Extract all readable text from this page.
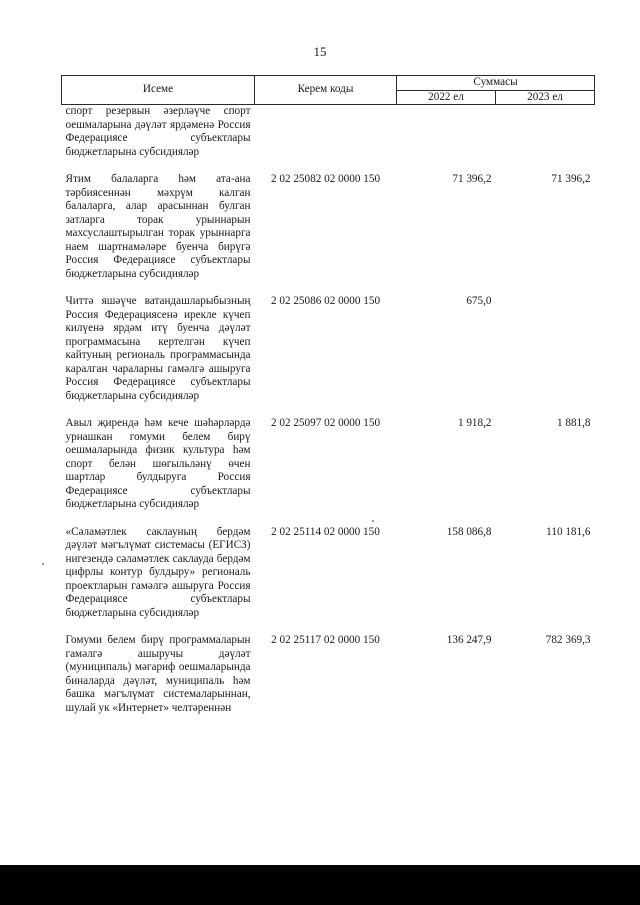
15
Исеме	Керем коды	Суммасы	
		2022 ел	2023 ел
спорт резервын әзерләүче спорт оешмаларына дәүләт ярдәменә Россия Федерациясе субъектлары бюджетларына субсидияләр			
Ятим балаларга һәм ата-ана тәрбиясеннән мәхрүм калган балаларга, алар арасыннан булган затларга торак урыннарын махсуслаштырылган торак урыннарга наем шартнамәләре буенча бирүгә Россия Федерациясе субъектлары бюджетларына субсидияләр	2 02 25082 02 0000 150	71 396,2	71 396,2
Читтә яшәүче ватандашларыбызның Россия Федерациясенә ирекле күчеп килүенә ярдәм итү буенча дәүләт программасына кертелгән күчеп кайтуның региональ программасында каралган чараларны гамәлгә ашыруга Россия Федерациясе субъектлары бюджетларына субсидияләр	2 02 25086 02 0000 150	675,0	
Авыл җирендә һәм кече шәһәрләрдә урнашкан гомуми белем бирү оешмаларында физик культура һәм спорт белән шөгыльләнү өчен шартлар булдыруга Россия Федерациясе субъектлары бюджетларына субсидияләр	2 02 25097 02 0000 150	1 918,2	1 881,8
«Сәламәтлек саклауның бердәм дәүләт мәгълүмат системасы (ЕГИСЗ) нигезендә сәламәтлек саклауда бердәм цифрлы контур булдыру» региональ проектларын гамәлгә ашыруга Россия Федерациясе субъектлары бюджетларына субсидияләр	2 02 25114 02 0000 150	158 086,8	110 181,6
Гомуми белем бирү программаларын гамәлгә ашыручы дәүләт (муниципаль) мәгариф оешмаларында биналарда дәүләт, муниципаль һәм башка мәгълүмат системаларыннан, шулай ук «Интернет» челтәреннән	2 02 25117 02 0000 150	136 247,9	782 369,3
